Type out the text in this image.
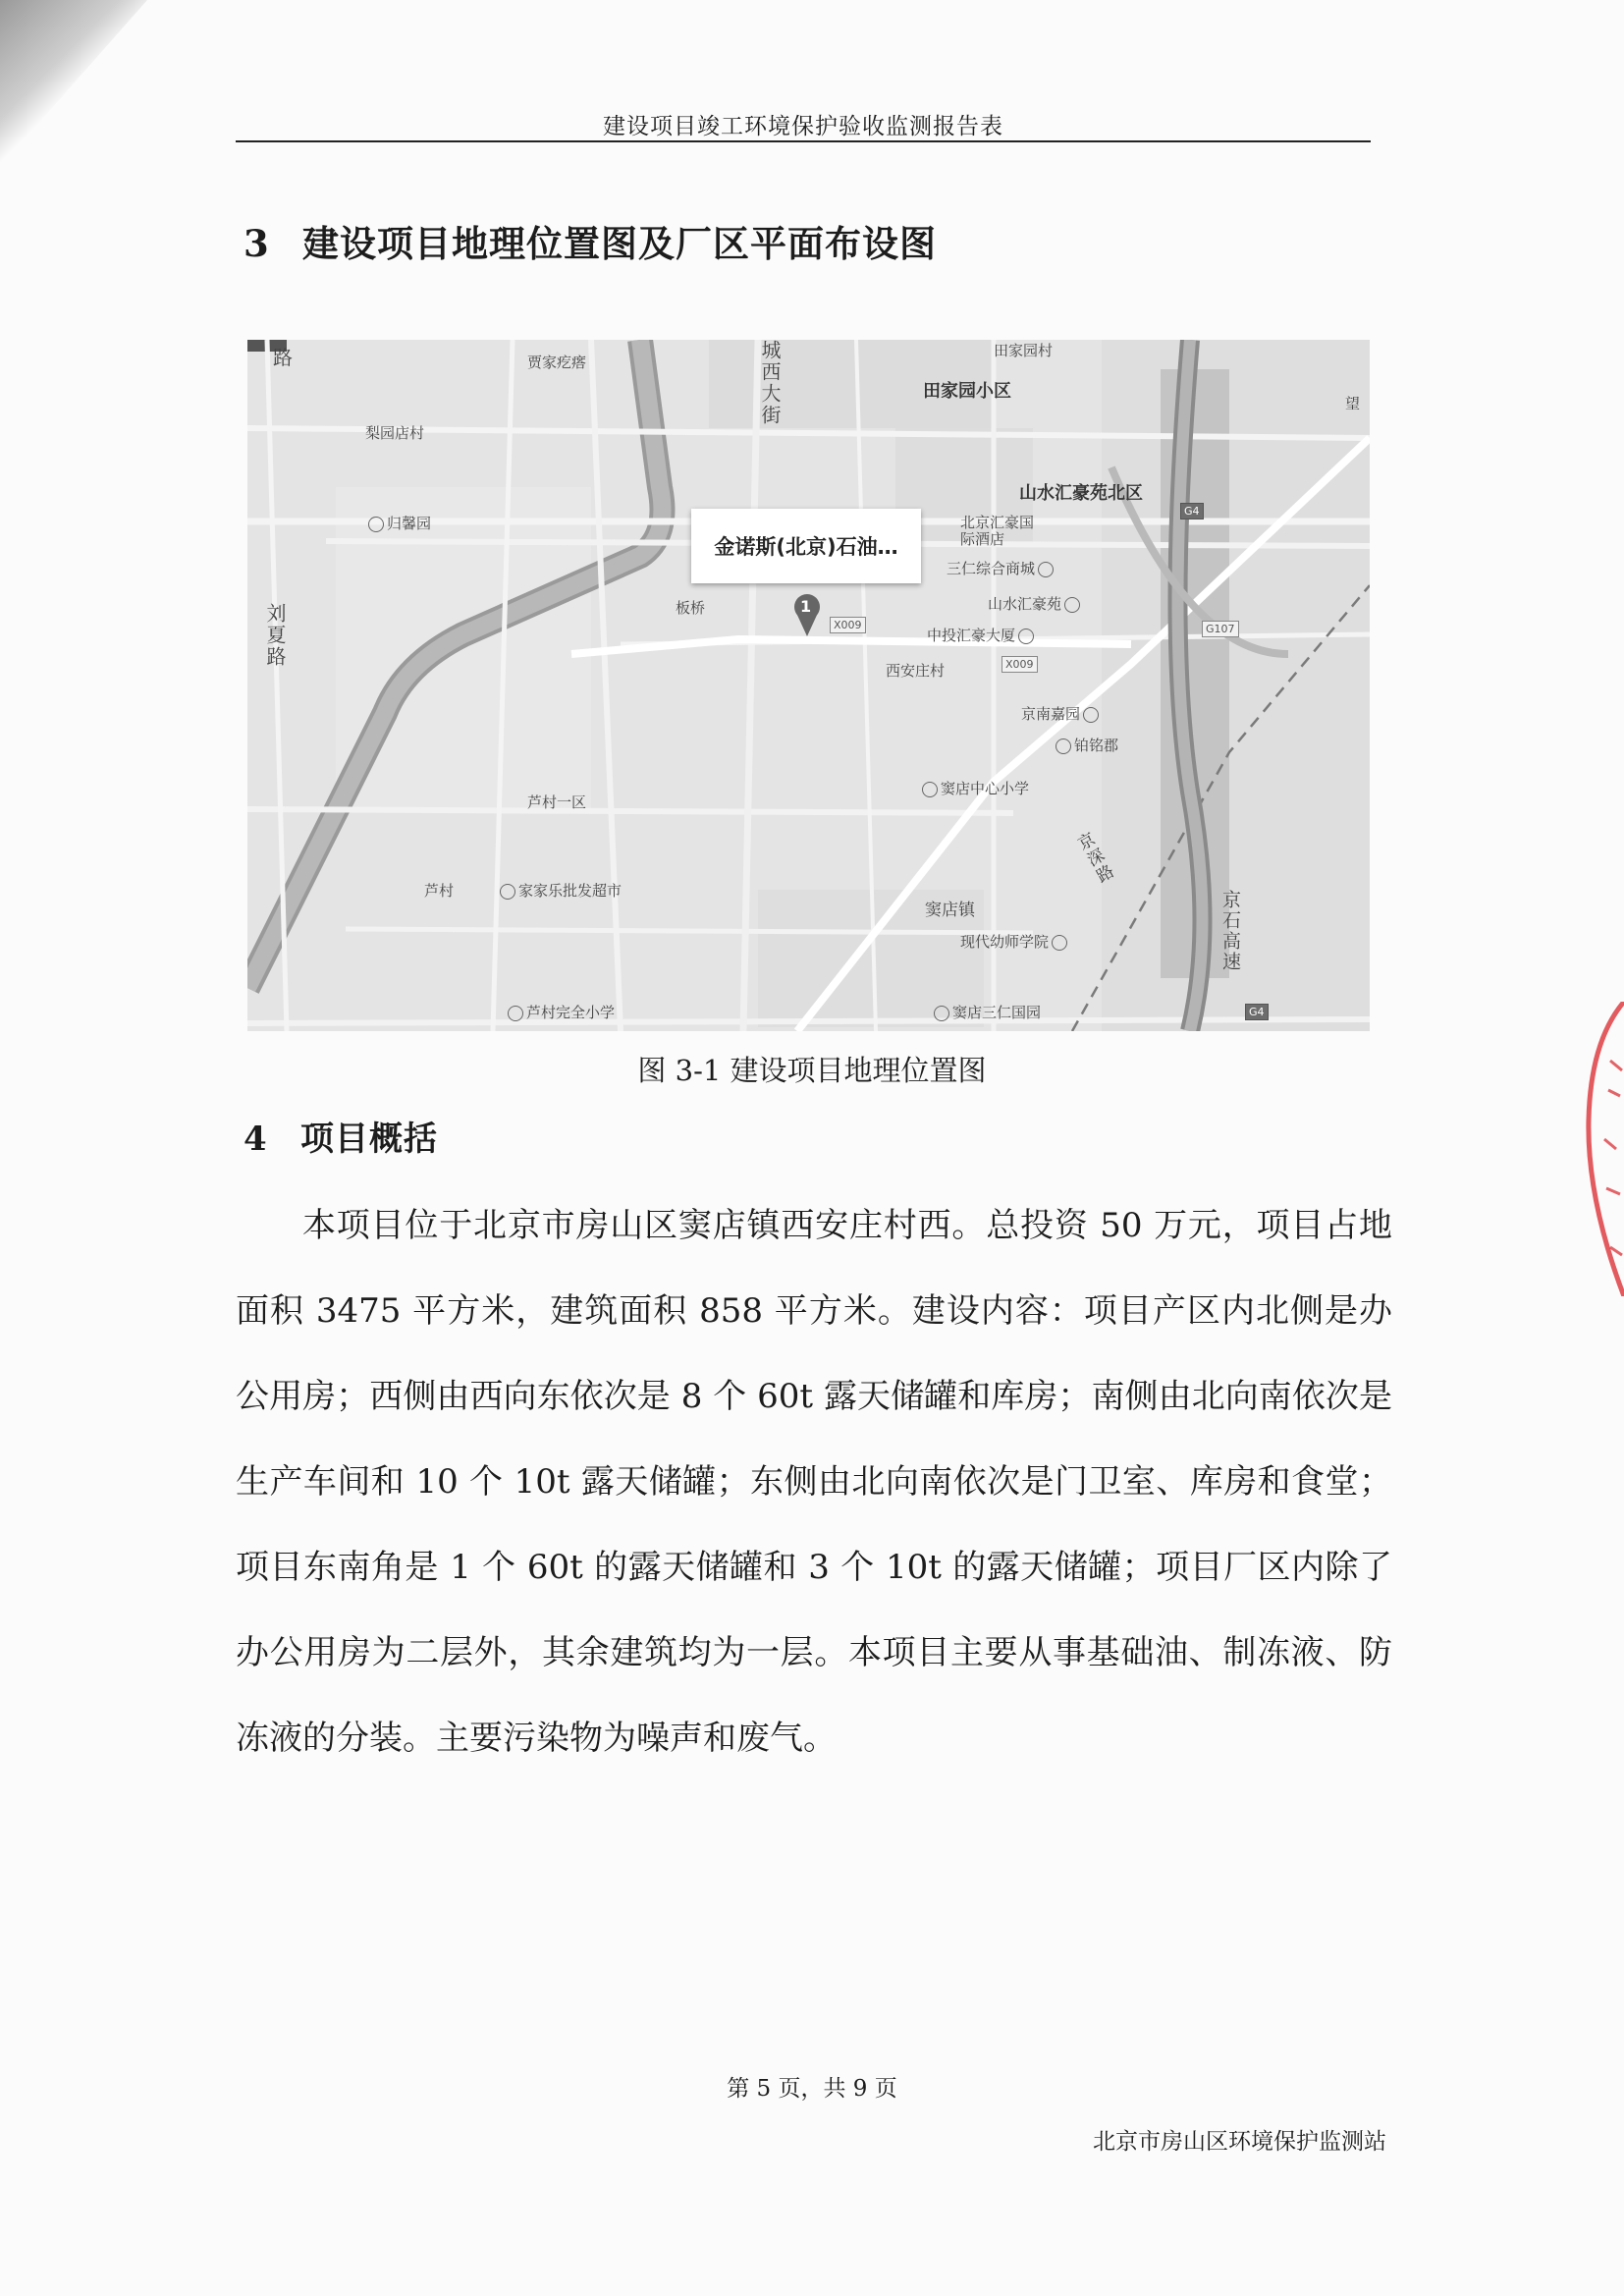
建设项目竣工环境保护验收监测报告表
3 建设项目地理位置图及厂区平面布设图
金诺斯(北京)石油…
1
路	贾家疙瘩
梨园店村
归馨园
刘夏路
城西大街	田家园村
田家园小区
望
山水汇豪苑北区
北京汇豪国际酒店
三仁综合商城
山水汇豪苑
中投汇豪大厦
板桥
西安庄村
京南嘉园
铂铭郡
芦村一区
窦店中心小学
京深路
芦村	家家乐批发超市
窦店镇
现代幼师学院	京石高速
芦村完全小学	窦店三仁国园
X009
X009
G4
G107
G4
图 3-1 建设项目地理位置图
4 项目概括
本项目位于北京市房山区窦店镇西安庄村西。总投资 50 万元，项目占地面积 3475 平方米，建筑面积 858 平方米。建设内容：项目产区内北侧是办公用房；西侧由西向东依次是 8 个 60t 露天储罐和库房；南侧由北向南依次是生产车间和 10 个 10t 露天储罐；东侧由北向南依次是门卫室、库房和食堂；项目东南角是 1 个 60t 的露天储罐和 3 个 10t 的露天储罐；项目厂区内除了办公用房为二层外，其余建筑均为一层。本项目主要从事基础油、制冻液、防冻液的分装。主要污染物为噪声和废气。
第 5 页，共 9 页
北京市房山区环境保护监测站
